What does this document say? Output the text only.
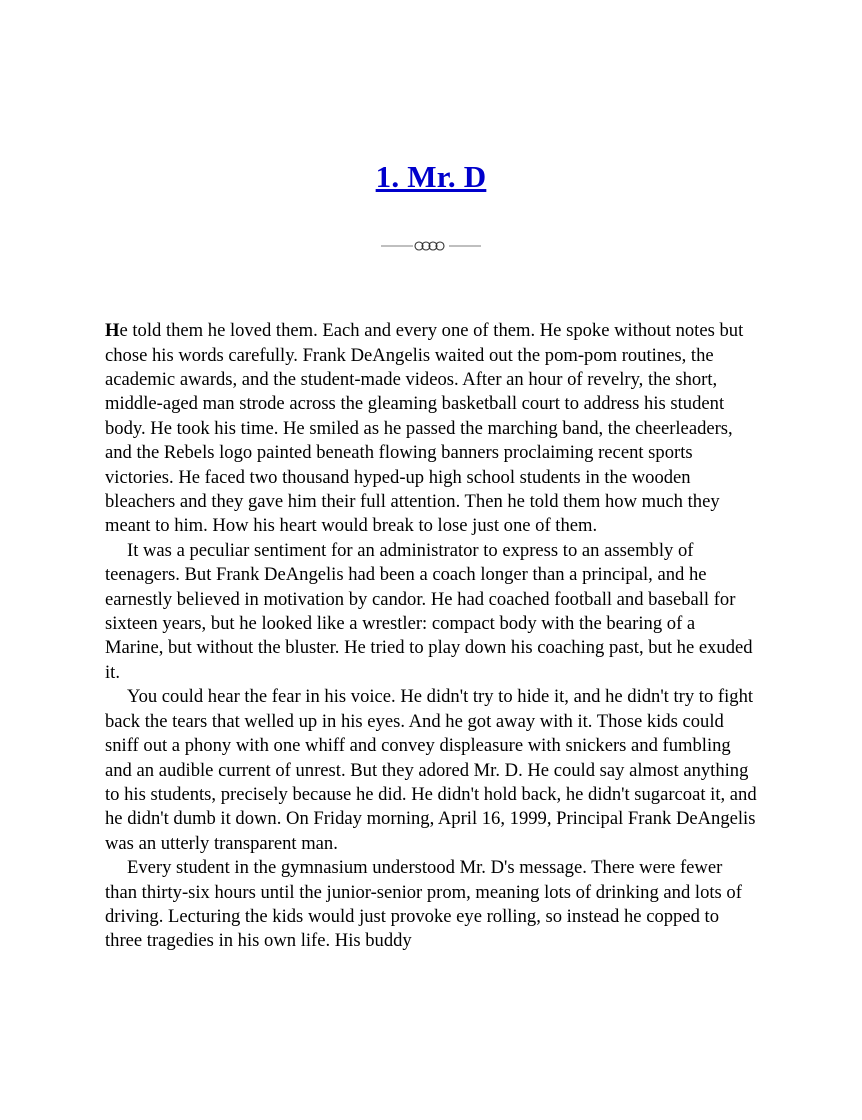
1. Mr. D

He told them he loved them. Each and every one of them. He spoke without notes but chose his words carefully. Frank DeAngelis waited out the pom-pom routines, the academic awards, and the student-made videos. After an hour of revelry, the short, middle-aged man strode across the gleaming basketball court to address his student body. He took his time. He smiled as he passed the marching band, the cheerleaders, and the Rebels logo painted beneath flowing banners proclaiming recent sports victories. He faced two thousand hyped-up high school students in the wooden bleachers and they gave him their full attention. Then he told them how much they meant to him. How his heart would break to lose just one of them.

It was a peculiar sentiment for an administrator to express to an assembly of teenagers. But Frank DeAngelis had been a coach longer than a principal, and he earnestly believed in motivation by candor. He had coached football and baseball for sixteen years, but he looked like a wrestler: compact body with the bearing of a Marine, but without the bluster. He tried to play down his coaching past, but he exuded it.

You could hear the fear in his voice. He didn't try to hide it, and he didn't try to fight back the tears that welled up in his eyes. And he got away with it. Those kids could sniff out a phony with one whiff and convey displeasure with snickers and fumbling and an audible current of unrest. But they adored Mr. D. He could say almost anything to his students, precisely because he did. He didn't hold back, he didn't sugarcoat it, and he didn't dumb it down. On Friday morning, April 16, 1999, Principal Frank DeAngelis was an utterly transparent man.

Every student in the gymnasium understood Mr. D's message. There were fewer than thirty-six hours until the junior-senior prom, meaning lots of drinking and lots of driving. Lecturing the kids would just provoke eye rolling, so instead he copped to three tragedies in his own life. His buddy
